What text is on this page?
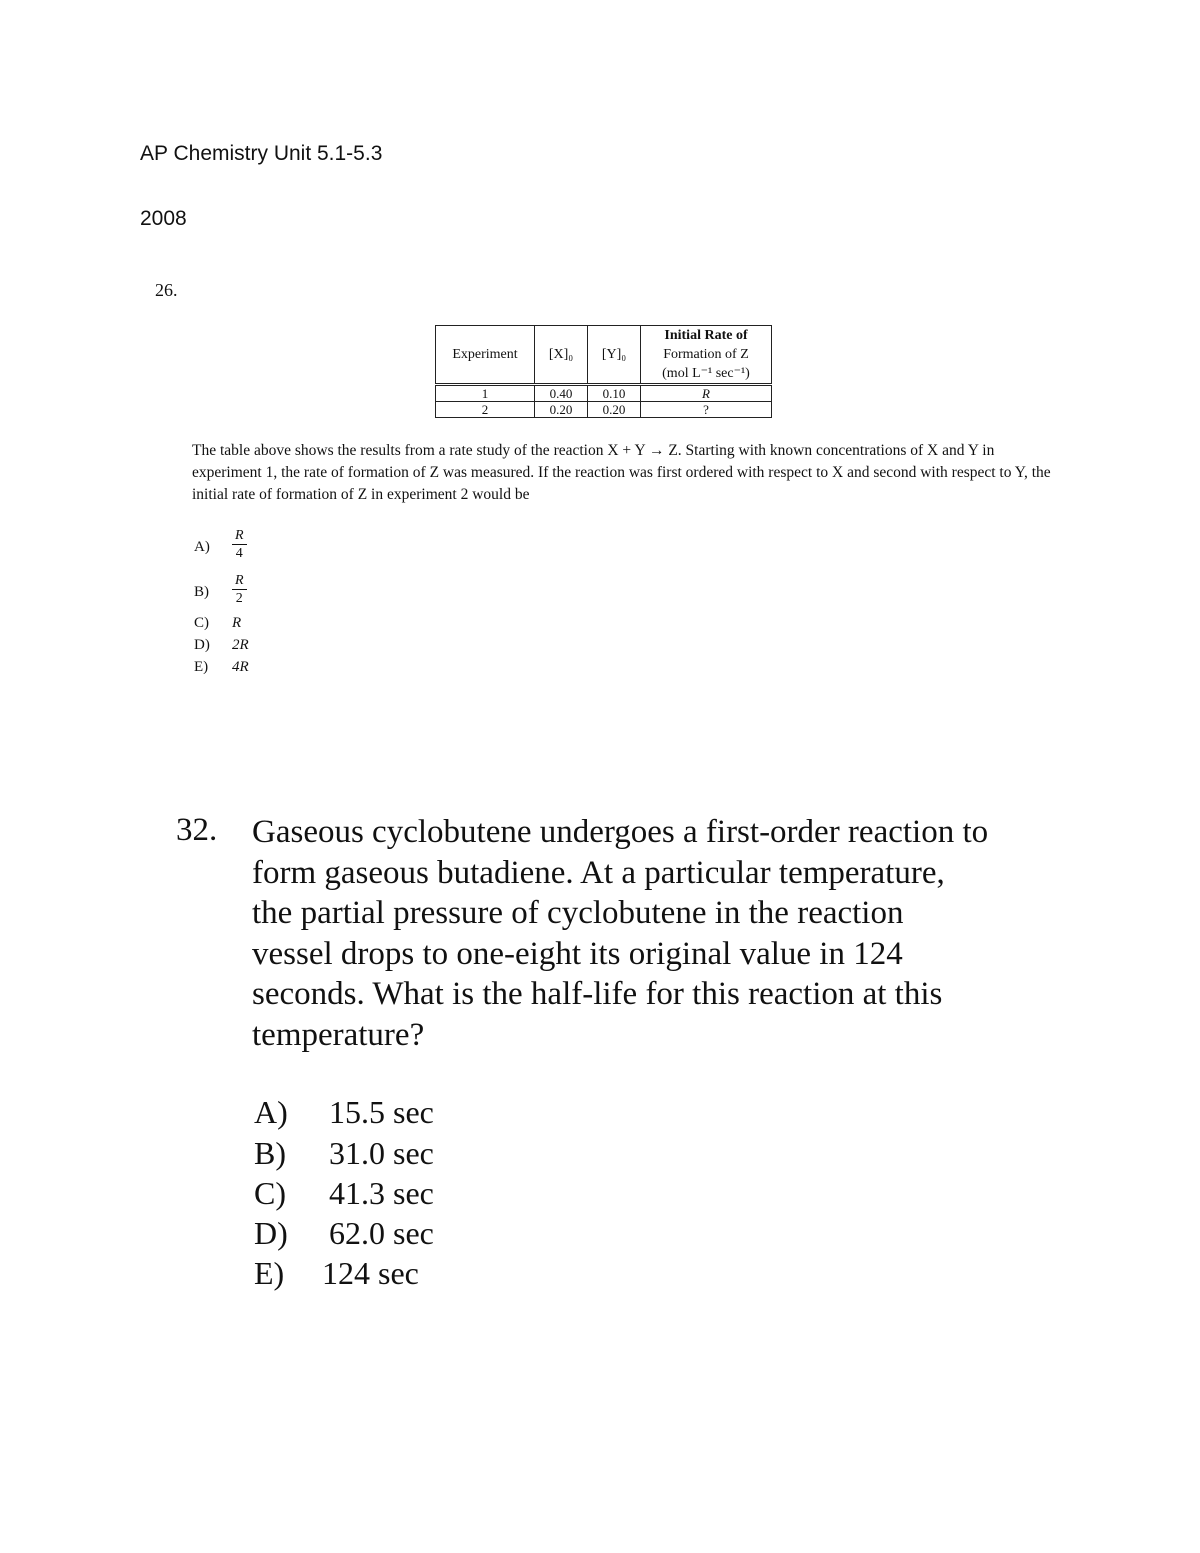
AP Chemistry Unit 5.1-5.3
2008
26.
Experiment	[X]₀	[Y]₀	Initial Rate of
Formation of Z
(mol L⁻¹ sec⁻¹)

1	0.40	0.10	R
2	0.20	0.20	?
The table above shows the results from a rate study of the reaction X + Y → Z. Starting with known concentrations of X and Y in experiment 1, the rate of formation of Z was measured. If the reaction was first ordered with respect to X and second with respect to Y, the initial rate of formation of Z in experiment 2 would be
$A) \frac{R}{4}$
$B) \frac{R}{2}$
C) R
D) 2R
E) 4R
32. Gaseous cyclobutene undergoes a first-order reaction to form gaseous butadiene. At a particular temperature, the partial pressure of cyclobutene in the reaction vessel drops to one-eight its original value in 124 seconds. What is the half-life for this reaction at this temperature?
A) 15.5 sec
B) 31.0 sec
C) 41.3 sec
D) 62.0 sec
E) 124 sec
